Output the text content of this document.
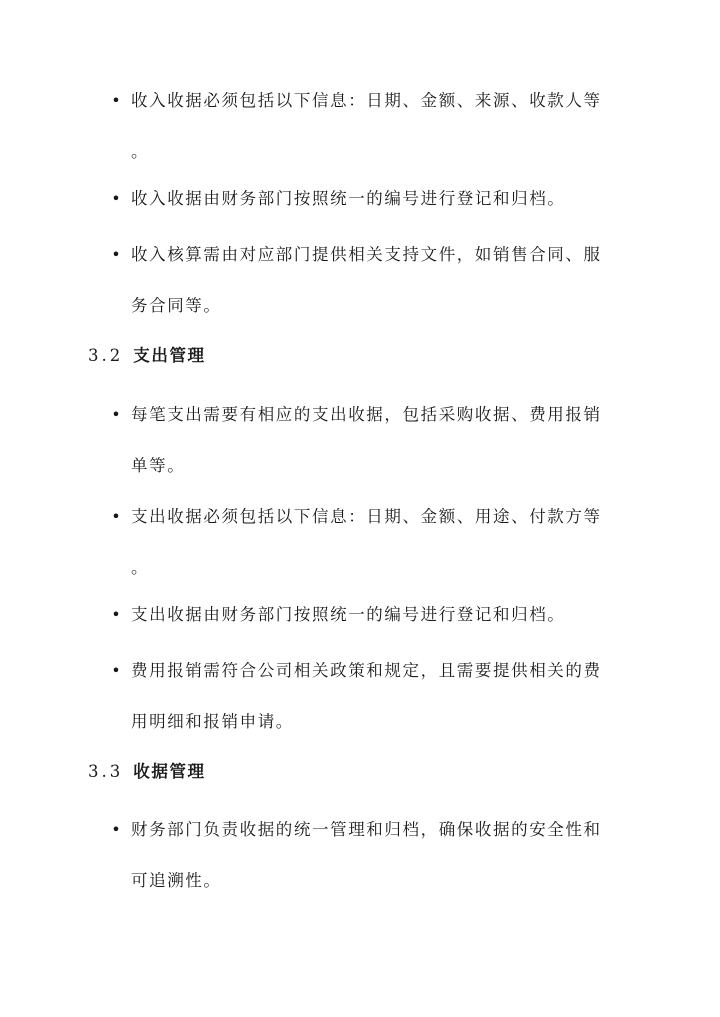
• 收入收据必须包括以下信息：日期、金额、来源、收款人等
。
• 收入收据由财务部门按照统一的编号进行登记和归档。
• 收入核算需由对应部门提供相关支持文件，如销售合同、服
务合同等。
3.2 支出管理
• 每笔支出需要有相应的支出收据，包括采购收据、费用报销
单等。
• 支出收据必须包括以下信息：日期、金额、用途、付款方等
。
• 支出收据由财务部门按照统一的编号进行登记和归档。
• 费用报销需符合公司相关政策和规定，且需要提供相关的费
用明细和报销申请。
3.3 收据管理
• 财务部门负责收据的统一管理和归档，确保收据的安全性和
可追溯性。
